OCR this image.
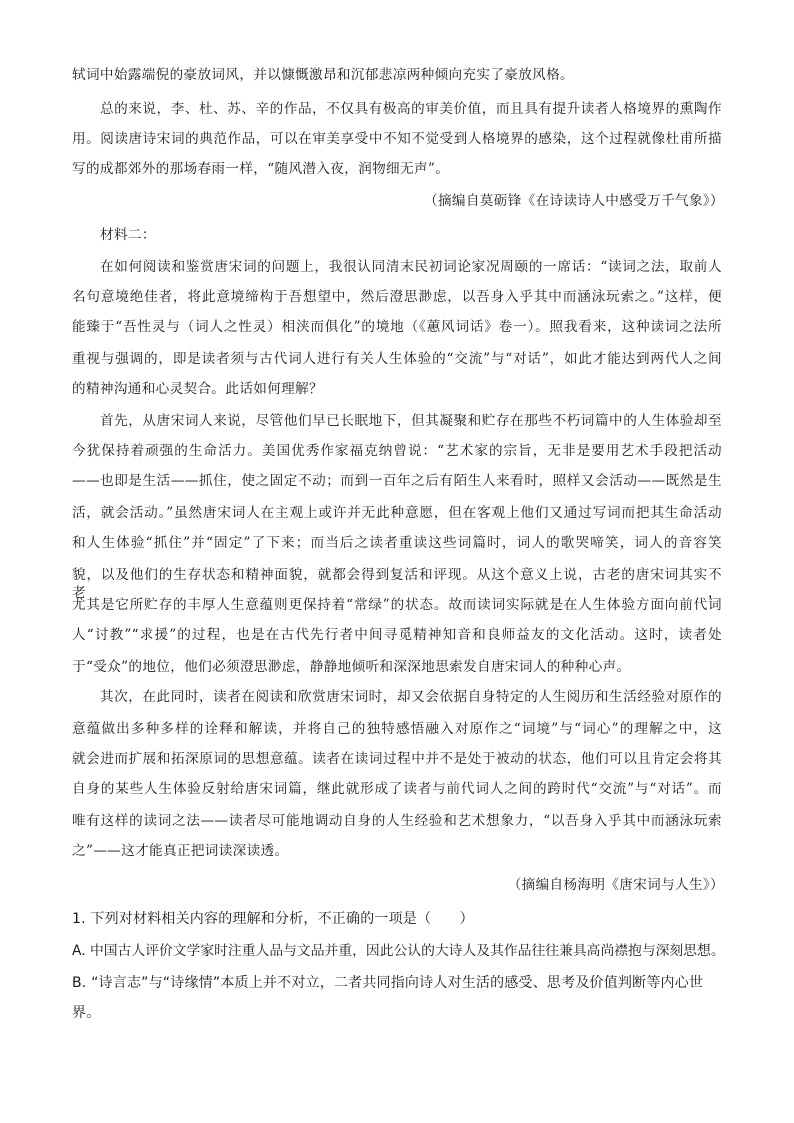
轼词中始露端倪的豪放词风，并以慷慨激昂和沉郁悲凉两种倾向充实了豪放风格。
总的来说，李、杜、苏、辛的作品，不仅具有极高的审美价值，而且具有提升读者人格境界的熏陶作
用。阅读唐诗宋词的典范作品，可以在审美享受中不知不觉受到人格境界的感染，这个过程就像杜甫所描
写的成都郊外的那场春雨一样，“随风潜入夜，润物细无声”。
（摘编自莫砺锋《在诗读诗人中感受万千气象》）
材料二：
在如何阅读和鉴赏唐宋词的问题上，我很认同清末民初词论家况周颐的一席话：“读词之法，取前人
名句意境绝佳者，将此意境缔构于吾想望中，然后澄思渺虑，以吾身入乎其中而涵泳玩索之。”这样，便
能臻于“吾性灵与（词人之性灵）相浃而俱化”的境地（《蕙风词话》卷一）。照我看来，这种读词之法所
重视与强调的，即是读者须与古代词人进行有关人生体验的“交流”与“对话”，如此才能达到两代人之间
的精神沟通和心灵契合。此话如何理解？
首先，从唐宋词人来说，尽管他们早已长眠地下，但其凝聚和贮存在那些不朽词篇中的人生体验却至
今犹保持着顽强的生命活力。美国优秀作家福克纳曾说：“艺术家的宗旨，无非是要用艺术手段把活动
——也即是生活——抓住，使之固定不动；而到一百年之后有陌生人来看时，照样又会活动——既然是生
活，就会活动。”虽然唐宋词人在主观上或许并无此种意愿，但在客观上他们又通过写词而把其生命活动
和人生体验“抓住”并“固定”了下来；而当后之读者重读这些词篇时，词人的歌哭啼笑，词人的音容笑
貌，以及他们的生存状态和精神面貌，就都会得到复活和评现。从这个意义上说，古老的唐宋词其实不老，
尤其是它所贮存的丰厚人生意蕴则更保持着“常绿”的状态。故而读词实际就是在人生体验方面向前代词
人“讨教”“求援”的过程，也是在古代先行者中间寻觅精神知音和良师益友的文化活动。这时，读者处
于“受众”的地位，他们必须澄思渺虑，静静地倾听和深深地思索发自唐宋词人的种种心声。
其次，在此同时，读者在阅读和欣赏唐宋词时，却又会依据自身特定的人生阅历和生活经验对原作的
意蕴做出多种多样的诠释和解读，并将自己的独特感悟融入对原作之“词境”与“词心”的理解之中，这
就会进而扩展和拓深原词的思想意蕴。读者在读词过程中并不是处于被动的状态，他们可以且肯定会将其
自身的某些人生体验反射给唐宋词篇，继此就形成了读者与前代词人之间的跨时代“交流”与“对话”。而
唯有这样的读词之法——读者尽可能地调动自身的人生经验和艺术想象力，“以吾身入乎其中而涵泳玩索
之”——这才能真正把词读深读透。
（摘编自杨海明《唐宋词与人生》）
1. 下列对材料相关内容的理解和分析，不正确的一项是（　　）
A. 中国古人评价文学家时注重人品与文品并重，因此公认的大诗人及其作品往往兼具高尚襟抱与深刻思想。
B. “诗言志”与“诗缘情”本质上并不对立，二者共同指向诗人对生活的感受、思考及价值判断等内心世
界。
